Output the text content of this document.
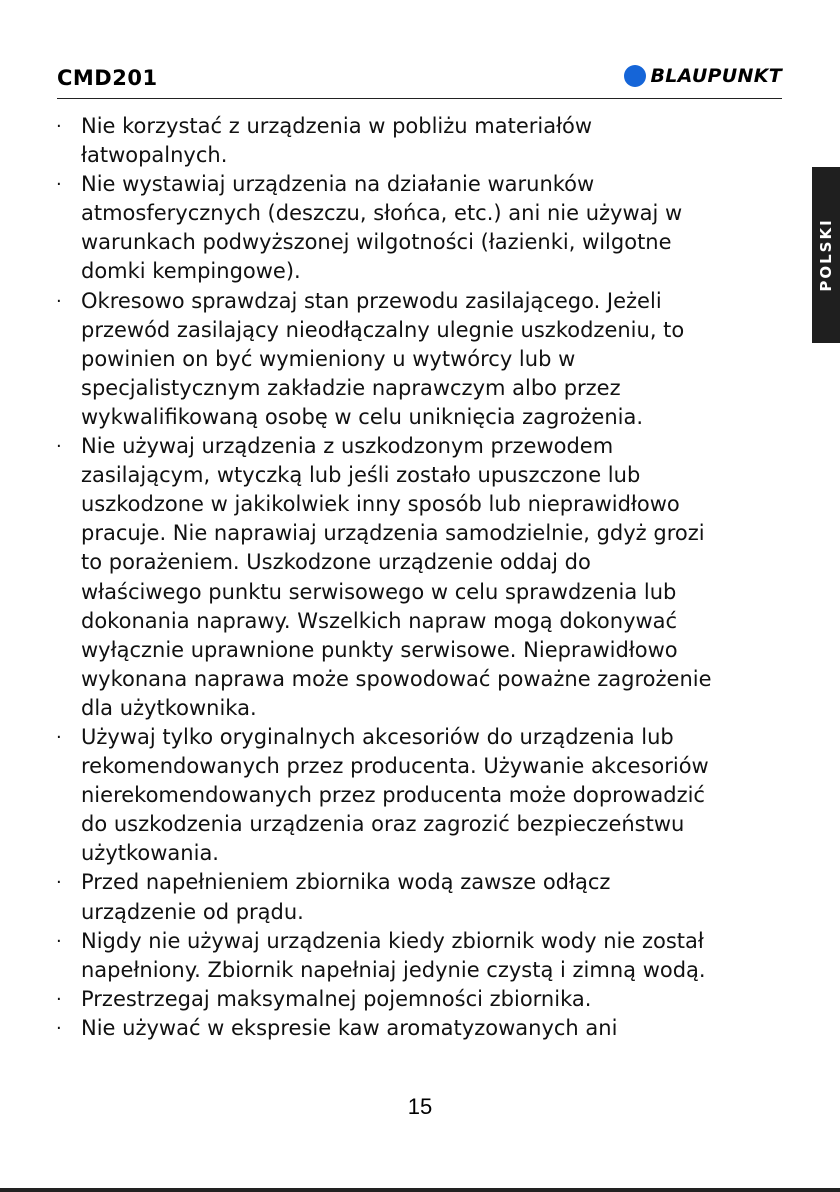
CMD201	BLAUPUNKT
POLSKI
· Nie korzystać z urządzenia w pobliżu materiałów
łatwopalnych.
· Nie wystawiaj urządzenia na działanie warunków
atmosferycznych (deszczu, słońca, etc.) ani nie używaj w
warunkach podwyższonej wilgotności (łazienki, wilgotne
domki kempingowe).
· Okresowo sprawdzaj stan przewodu zasilającego. Jeżeli
przewód zasilający nieodłączalny ulegnie uszkodzeniu, to
powinien on być wymieniony u wytwórcy lub w
specjalistycznym zakładzie naprawczym albo przez
wykwalifikowaną osobę w celu uniknięcia zagrożenia.
· Nie używaj urządzenia z uszkodzonym przewodem
zasilającym, wtyczką lub jeśli zostało upuszczone lub
uszkodzone w jakikolwiek inny sposób lub nieprawidłowo
pracuje. Nie naprawiaj urządzenia samodzielnie, gdyż grozi
to porażeniem. Uszkodzone urządzenie oddaj do
właściwego punktu serwisowego w celu sprawdzenia lub
dokonania naprawy. Wszelkich napraw mogą dokonywać
wyłącznie uprawnione punkty serwisowe. Nieprawidłowo
wykonana naprawa może spowodować poważne zagrożenie
dla użytkownika.
· Używaj tylko oryginalnych akcesoriów do urządzenia lub
rekomendowanych przez producenta. Używanie akcesoriów
nierekomendowanych przez producenta może doprowadzić
do uszkodzenia urządzenia oraz zagrozić bezpieczeństwu
użytkowania.
· Przed napełnieniem zbiornika wodą zawsze odłącz
urządzenie od prądu.
· Nigdy nie używaj urządzenia kiedy zbiornik wody nie został
napełniony. Zbiornik napełniaj jedynie czystą i zimną wodą.
· Przestrzegaj maksymalnej pojemności zbiornika.
· Nie używać w ekspresie kaw aromatyzowanych ani
15
